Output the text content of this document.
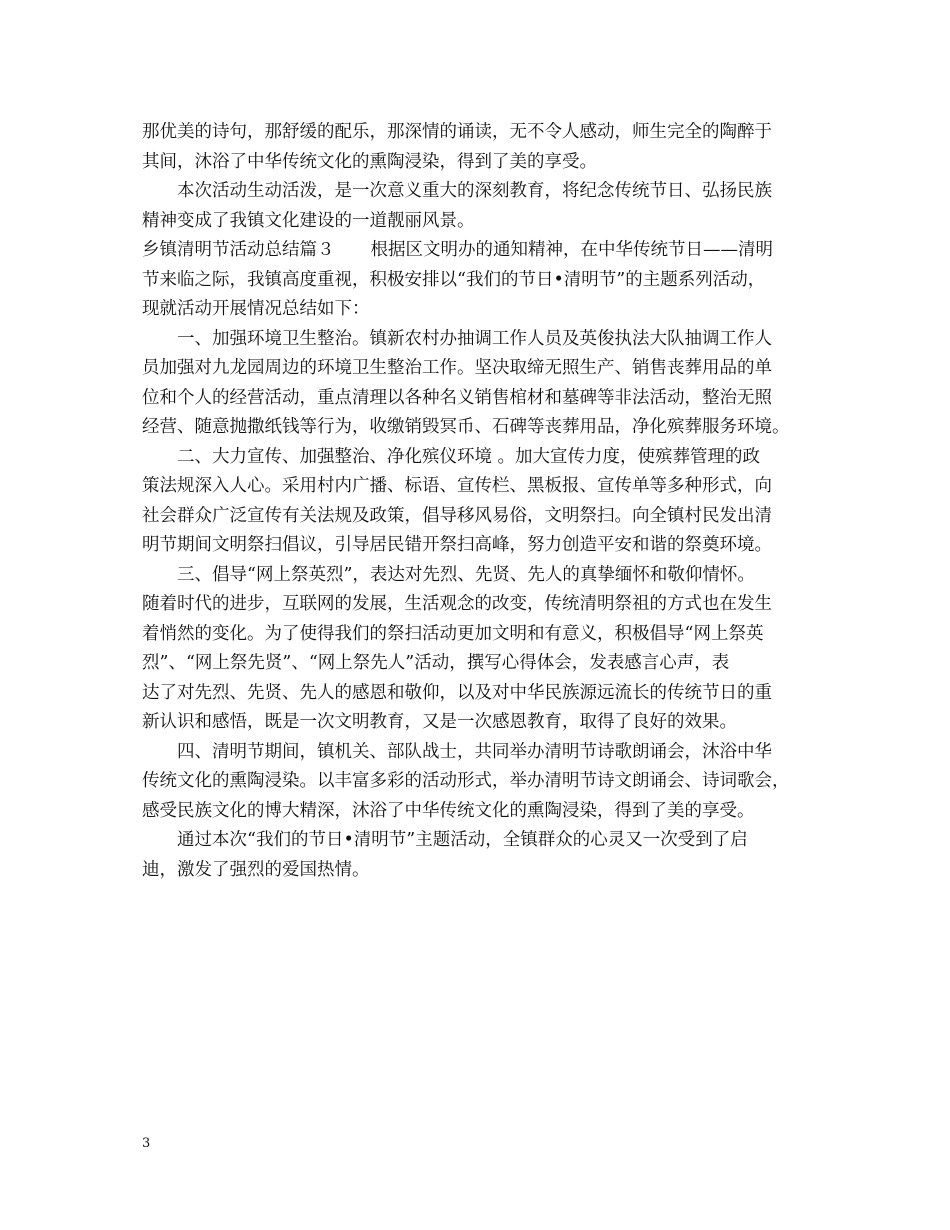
那优美的诗句，那舒缓的配乐，那深情的诵读，无不令人感动，师生完全的陶醉于
其间，沐浴了中华传统文化的熏陶浸染，得到了美的享受。
本次活动生动活泼，是一次意义重大的深刻教育，将纪念传统节日、弘扬民族
精神变成了我镇文化建设的一道靓丽风景。
乡镇清明节活动总结篇３ 根据区文明办的通知精神，在中华传统节日——清明
节来临之际，我镇高度重视，积极安排以“我们的节日•清明节”的主题系列活动，
现就活动开展情况总结如下：
一、加强环境卫生整治。镇新农村办抽调工作人员及英俊执法大队抽调工作人
员加强对九龙园周边的环境卫生整治工作。坚决取缔无照生产、销售丧葬用品的单
位和个人的经营活动，重点清理以各种名义销售棺材和墓碑等非法活动，整治无照
经营、随意抛撒纸钱等行为，收缴销毁冥币、石碑等丧葬用品，净化殡葬服务环境。
二、大力宣传、加强整治、净化殡仪环境 。加大宣传力度，使殡葬管理的政
策法规深入人心。采用村内广播、标语、宣传栏、黑板报、宣传单等多种形式，向
社会群众广泛宣传有关法规及政策，倡导移风易俗，文明祭扫。向全镇村民发出清
明节期间文明祭扫倡议，引导居民错开祭扫高峰，努力创造平安和谐的祭奠环境。
三、倡导“网上祭英烈”，表达对先烈、先贤、先人的真挚缅怀和敬仰情怀。
随着时代的进步，互联网的发展，生活观念的改变，传统清明祭祖的方式也在发生
着悄然的变化。为了使得我们的祭扫活动更加文明和有意义，积极倡导“网上祭英
烈”、“网上祭先贤”、“网上祭先人”活动，撰写心得体会，发表感言心声，表
达了对先烈、先贤、先人的感恩和敬仰，以及对中华民族源远流长的传统节日的重
新认识和感悟，既是一次文明教育，又是一次感恩教育，取得了良好的效果。
四、清明节期间，镇机关、部队战士，共同举办清明节诗歌朗诵会，沐浴中华
传统文化的熏陶浸染。以丰富多彩的活动形式，举办清明节诗文朗诵会、诗词歌会，
感受民族文化的博大精深，沐浴了中华传统文化的熏陶浸染，得到了美的享受。
通过本次“我们的节日•清明节”主题活动，全镇群众的心灵又一次受到了启
迪，激发了强烈的爱国热情。
3
